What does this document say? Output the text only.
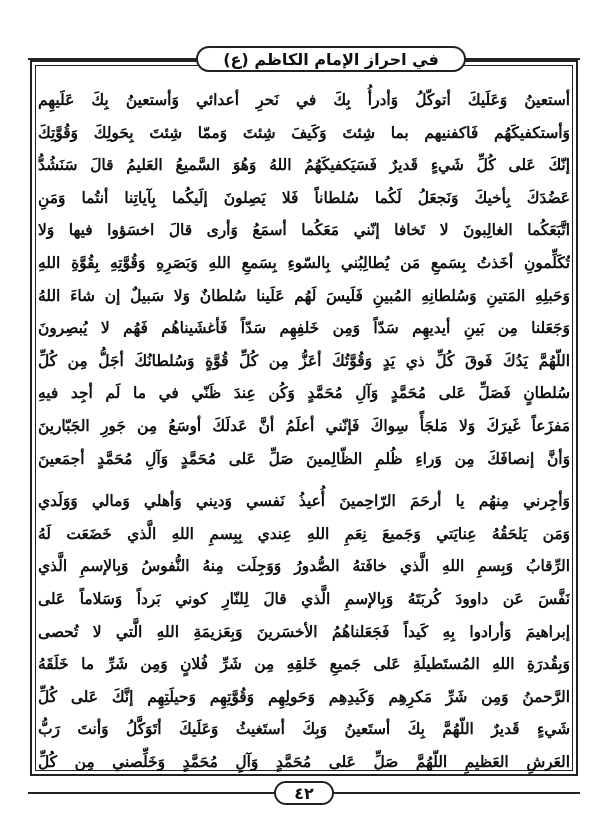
في احراز الإمام الكاظم (ع)
أستعينُ وَعَلَيكَ أتوكّلُ وَأدرأُ بِكَ في نَحرِ أعدائي وَأستعينُ بِكَ عَلَيهِم
وَأستكفيكَهُم فَاكفنيهم بما شِئتَ وَكَيفَ شِئتَ وَممّا شِئتَ بِحَولِكَ وَقُوَّتِكَ
إنّكَ عَلى كُلِّ شَيءٍ قَديرٌ فَسَيَكفيكَهُمُ اللهُ وَهُوَ السَّميعُ العَليمُ قالَ سَنَشُدُّ
عَضُدَكَ بِأخيكَ وَنَجعَلُ لَكُما سُلطاناً فَلا يَصِلونَ إلَيكُما بِآياتِنا أنتُما وَمَنِ
اتَّبَعَكُما الغالِبونَ لا تَخافا إنّني مَعَكُما أسمَعُ وَأرى قالَ اخسَؤوا فيها وَلا
تُكَلِّمونِ أخَذتُ بِسَمعِ مَن يُطالِبُني بِالسّوءِ بِسَمعِ اللهِ وَبَصَرِهِ وَقُوَّتِهِ بِقُوَّةِ اللهِ
وَحَبلِهِ المَتينِ وَسُلطانِهِ المُبينِ فَلَيسَ لَهُم عَلَينا سُلطانٌ وَلا سَبيلٌ إن شاءَ اللهُ
وَجَعَلنا مِن بَينِ أيديهِم سَدّاً وَمِن خَلفِهِم سَدّاً فَأغشَيناهُم فَهُم لا يُبصِرونَ
اللّهُمَّ يَدُكَ فَوقَ كُلِّ ذي يَدٍ وَقُوَّتُكَ أعَزُّ مِن كُلِّ قُوَّةٍ وَسُلطانُكَ أجَلُّ مِن كُلِّ
سُلطانٍ فَصَلِّ عَلى مُحَمَّدٍ وَآلِ مُحَمَّدٍ وَكُن عِندَ ظَنّي في ما لَم أجِد فيهِ
مَفزَعاً غَيرَكَ وَلا مَلجَأً سِواكَ فَإنّني أعلَمُ أنَّ عَدلَكَ أوسَعُ مِن جَورِ الجَبّارينَ
وَأنَّ إنصافَكَ مِن وَراءِ ظُلمِ الظّالِمينَ صَلِّ عَلى مُحَمَّدٍ وَآلِ مُحَمَّدٍ أجمَعينَ
وَأجِرني مِنهُم يا أرحَمَ الرّاحِمينَ أُعيذُ نَفسي وَديني وَأهلي وَمالي وَوَلَدي
وَمَن يَلحَقُهُ عِنايَتي وَجَميعَ نِعَمِ اللهِ عِندي بِبِسمِ اللهِ الَّذي خَضَعَت لَهُ
الرِّقابُ وَبِسمِ اللهِ الَّذي خافَتهُ الصُّدورُ وَوَجِلَت مِنهُ النُّفوسُ وَبِالإسمِ الَّذي
نَفَّسَ عَن داوودَ كُربَتَهُ وَبِالإسمِ الَّذي قالَ لِلنّارِ كوني بَرداً وَسَلاماً عَلى
إبراهيمَ وَأرادوا بِهِ كَيداً فَجَعَلناهُمُ الأخسَرينَ وَبِعَزيمَةِ اللهِ الَّتي لا تُحصى
وَبِقُدرَةِ اللهِ المُستَطيلَةِ عَلى جَميعِ خَلقِهِ مِن شَرِّ فُلانٍ وَمِن شَرِّ ما خَلَقَهُ
الرَّحمنُ وَمِن شَرِّ مَكرِهِم وَكَيدِهِم وَحَولِهِم وَقُوَّتِهِم وَحيلَتِهِم إنَّكَ عَلى كُلِّ
شَيءٍ قَديرٌ اللّهُمَّ بِكَ أستَعينُ وَبِكَ أستَغيثُ وَعَلَيكَ أتَوَكَّلُ وَأنتَ رَبُّ
العَرشِ العَظيمِ اللّهُمَّ صَلِّ عَلى مُحَمَّدٍ وَآلِ مُحَمَّدٍ وَخَلِّصني مِن كُلِّ
٤٢
